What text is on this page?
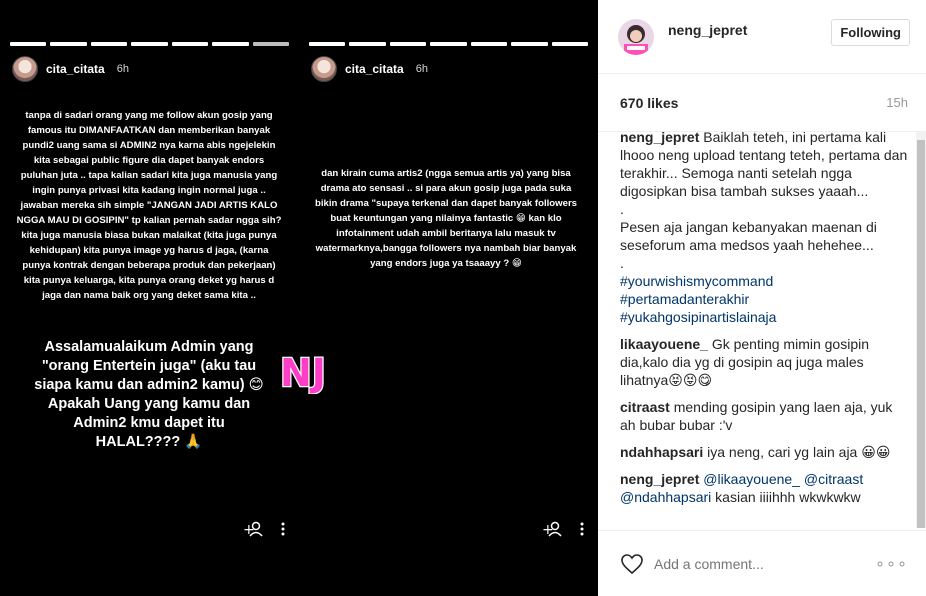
cita_citata 6h
tanpa di sadari orang yang me follow akun gosip yang famous itu DIMANFAATKAN dan memberikan banyak pundi2 uang sama si ADMIN2 nya karna abis ngejelekin kita sebagai public figure dia dapet banyak endors puluhan juta .. tapa kalian sadari kita juga manusia yang ingin punya privasi kita kadang ingin normal juga .. jawaban mereka sih simple "JANGAN JADI ARTIS KALO NGGA MAU DI GOSIPIN" tp kalian pernah sadar ngga sih? kita juga manusia biasa bukan malaikat (kita juga punya kehidupan) kita punya image yg harus d jaga, (karna punya kontrak dengan beberapa produk dan pekerjaan) kita punya keluarga, kita punya orang deket yg harus d jaga dan nama baik org yang deket sama kita ..
Assalamualaikum Admin yang "orang Entertein juga" (aku tau siapa kamu dan admin2 kamu) 😊 Apakah Uang yang kamu dan Admin2 kmu dapet itu HALAL???? 🙏
+
cita_citata 6h
dan kirain cuma artis2 (ngga semua artis ya) yang bisa drama ato sensasi .. si para akun gosip juga pada suka bikin drama "supaya terkenal dan dapet banyak followers buat keuntungan yang nilainya fantastic 😁 kan klo infotainment udah ambil beritanya lalu masuk tv watermarknya,bangga followers nya nambah biar banyak yang endors juga ya tsaaayy ? 😁
+
NJ
neng_jepret	Following
670 likes	15h
neng_jepret Baiklah teteh, ini pertama kali lhooo neng upload tentang teteh, pertama dan terakhir... Semoga nanti setelah ngga digosipkan bisa tambah sukses yaaah...
.
Pesen aja jangan kebanyakan maenan di seseforum ama medsos yaah hehehee...
.
#yourwishismycommand
#pertamadanterakhir
#yukahgosipinartislainaja
likaayouene_ Gk penting mimin gosipin dia,kalo dia yg di gosipin aq juga males lihatnya😝😝😋
citraast mending gosipin yang laen aja, yuk ah bubar bubar :'v
ndahhapsari iya neng, cari yg lain aja 😀😀
neng_jepret @likaayouene_ @citraast @ndahhapsari kasian iiiihhh wkwkwkw
Add a comment...
∘∘∘
